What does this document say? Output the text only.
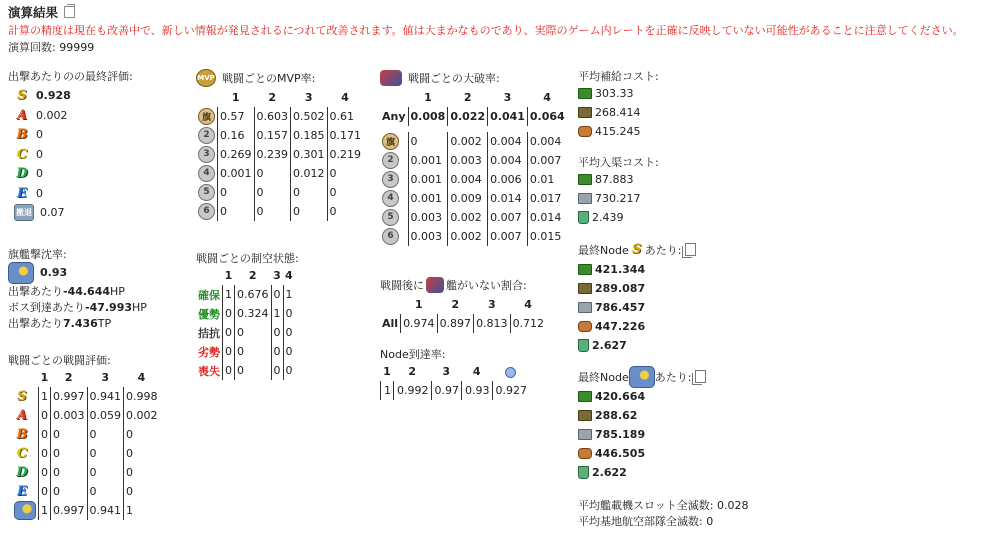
演算結果
計算の精度は現在も改善中で、新しい情報が発見されるにつれて改善されます。値は大まかなものであり、実際のゲーム内レートを正確に反映していない可能性があることに注意してください。
演算回数: 99999
出撃あたりのの最終評価:
S 0.928
A 0.002
B 0
C 0
D 0
E 0
撤退 0.07
旗艦撃沈率:
0.93
出撃あたり-44.644HP
ボス到達あたり-47.993HP
出撃あたり7.436TP
戦闘ごとの戦闘評価:
	1	2	3	4
S	1	0.997	0.941	0.998
A	0	0.003	0.059	0.002
B	0	0	0	0
C	0	0	0	0
D	0	0	0	0
E	0	0	0	0
	1	0.997	0.941	1
MVP 戦闘ごとのMVP率:
	1	2	3	4
旗	0.57	0.603	0.502	0.61
2	0.16	0.157	0.185	0.171
3	0.269	0.239	0.301	0.219
4	0.001	0	0.012	0
5	0	0	0	0
6	0	0	0	0
戦闘ごとの制空状態:
	1	2	3	4
確保	1	0.676	0	1
優勢	0	0.324	1	0
拮抗	0	0	0	0
劣勢	0	0	0	0
喪失	0	0	0	0
戦闘ごとの大破率:
	1	2	3	4
Any	0.008	0.022	0.041	0.064

旗	0	0.002	0.004	0.004
2	0.001	0.003	0.004	0.007
3	0.001	0.004	0.006	0.01
4	0.001	0.009	0.014	0.017
5	0.003	0.002	0.007	0.014
6	0.003	0.002	0.007	0.015
戦闘後に 艦がいない割合:
	1	2	3	4
All	0.974	0.897	0.813	0.712
Node到達率:
1	2	3	4	
1	0.992	0.97	0.93	0.927
平均補給コスト:
303.33
268.414
415.245
平均入渠コスト:
87.883
730.217
2.439
最終Node S あたり:
421.344
289.087
786.457
447.226
2.627
最終Node あたり:
420.664
288.62
785.189
446.505
2.622
平均艦載機スロット全滅数: 0.028
平均基地航空部隊全滅数: 0
